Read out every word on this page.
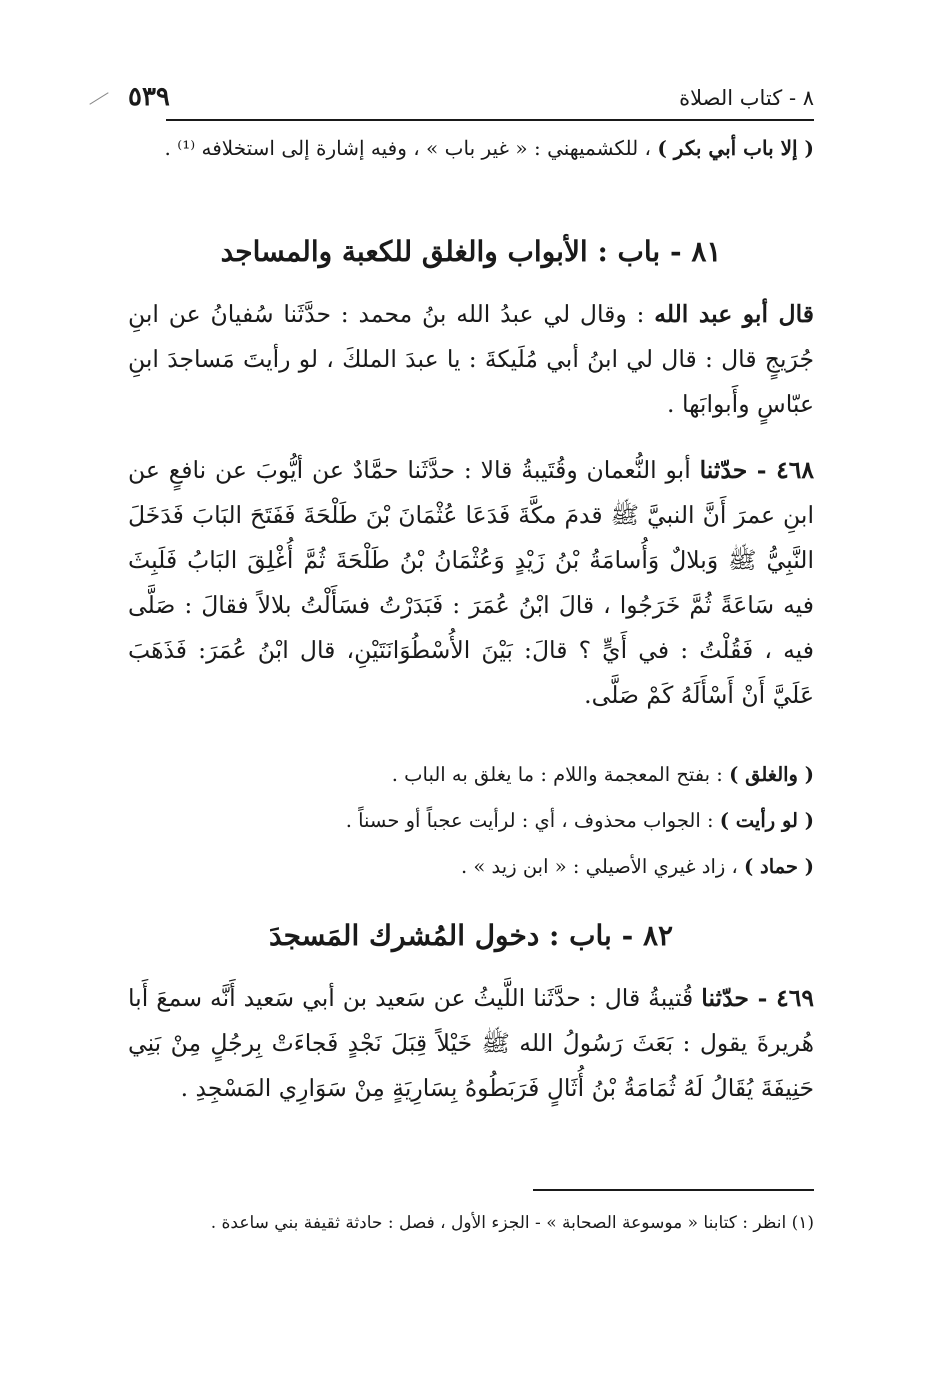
٨ - كتاب الصلاة
٥٣٩

( إلا باب أبي بكر ) ، للكشميهني : « غير باب » ، وفيه إشارة إلى استخلافه ⁽¹⁾ .

٨١ - باب : الأبواب والغلق للكعبة والمساجد

قال أبو عبد الله : وقال لي عبدُ الله بنُ محمد : حدَّثَنا سُفيانُ عن ابنِ جُرَيجٍ قال : قال لي ابنُ أبي مُلَيكةَ : يا عبدَ الملكَ ، لو رأيتَ مَساجدَ ابنِ عبّاسٍ وأَبوابَها .

٤٦٨ - حدّثنا أبو النُّعمان وقُتَيبةُ قالا : حدَّثَنا حمَّادٌ عن أيُّوبَ عن نافعٍ عن ابنِ عمرَ أَنَّ النبيَّ ﷺ قدمَ مكَّةَ فَدَعَا عُثْمَانَ بْنَ طَلْحَةَ فَفَتَحَ البَابَ فَدَخَلَ النَّبِيُّ ﷺ وَبلالٌ وَأُسامَةُ بْنُ زَيْدٍ وَعُثْمَانُ بْنُ طَلْحَةَ ثُمَّ أُغْلِقَ البَابُ فَلَبِثَ فيه سَاعَةً ثُمَّ خَرَجُوا ، قالَ ابْنُ عُمَرَ : فَبَدَرْتُ فسَأَلْتُ بلالاً فقالَ : صَلَّى فيه ، فَقُلْتُ : في أَيٍّ ؟ قالَ: بَيْنَ الأُسْطُوَانَتَيْنِ، قال ابْنُ عُمَرَ: فَذَهَبَ عَلَيَّ أَنْ أَسْأَلَهُ كَمْ صَلَّى.

( والغلق ) : بفتح المعجمة واللام : ما يغلق به الباب .

( لو رأيت ) : الجواب محذوف ، أي : لرأيت عجباً أو حسناً .

( حماد ) ، زاد غيري الأصيلي : « ابن زيد » .

٨٢ - باب : دخول المُشرك المَسجدَ

٤٦٩ - حدّثنا قُتيبةُ قال : حدَّثَنا اللَّيثُ عن سَعيد بن أبي سَعيد أَنَّه سمعَ أَبا هُريرةَ يقول : بَعَثَ رَسُولُ الله ﷺ خَيْلاً قِبَلَ نَجْدٍ فَجاءَتْ بِرجُلٍ مِنْ بَنِي حَنِيفَةَ يُقَالُ لَهُ ثُمَامَةُ بْنُ أُثَالٍ فَرَبَطُوهُ بِسَارِيَةٍ مِنْ سَوَارِي المَسْجِدِ .

(١) انظر : كتابنا « موسوعة الصحابة » - الجزء الأول ، فصل : حادثة ثقيفة بني ساعدة .
